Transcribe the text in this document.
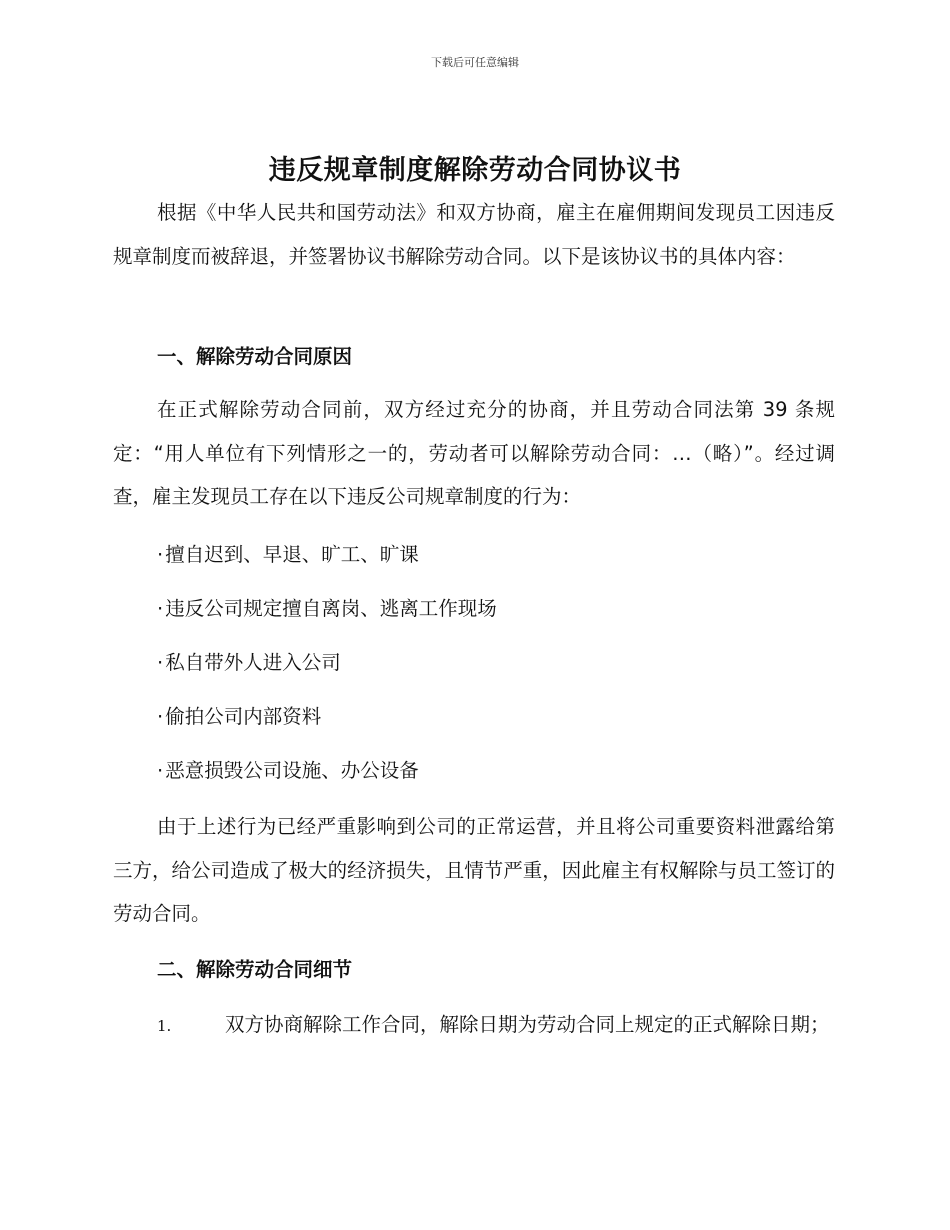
下载后可任意编辑
违反规章制度解除劳动合同协议书

根据《中华人民共和国劳动法》和双方协商，雇主在雇佣期间发现员工因违反规章制度而被辞退，并签署协议书解除劳动合同。以下是该协议书的具体内容：

一、解除劳动合同原因

在正式解除劳动合同前，双方经过充分的协商，并且劳动合同法第 39 条规定：“用人单位有下列情形之一的，劳动者可以解除劳动合同：…（略）”。经过调查，雇主发现员工存在以下违反公司规章制度的行为：

· 擅自迟到、早退、旷工、旷课
· 违反公司规定擅自离岗、逃离工作现场
· 私自带外人进入公司
· 偷拍公司内部资料
· 恶意损毁公司设施、办公设备

由于上述行为已经严重影响到公司的正常运营，并且将公司重要资料泄露给第三方，给公司造成了极大的经济损失，且情节严重，因此雇主有权解除与员工签订的劳动合同。

二、解除劳动合同细节

1.	双方协商解除工作合同，解除日期为劳动合同上规定的正式解除日期；
